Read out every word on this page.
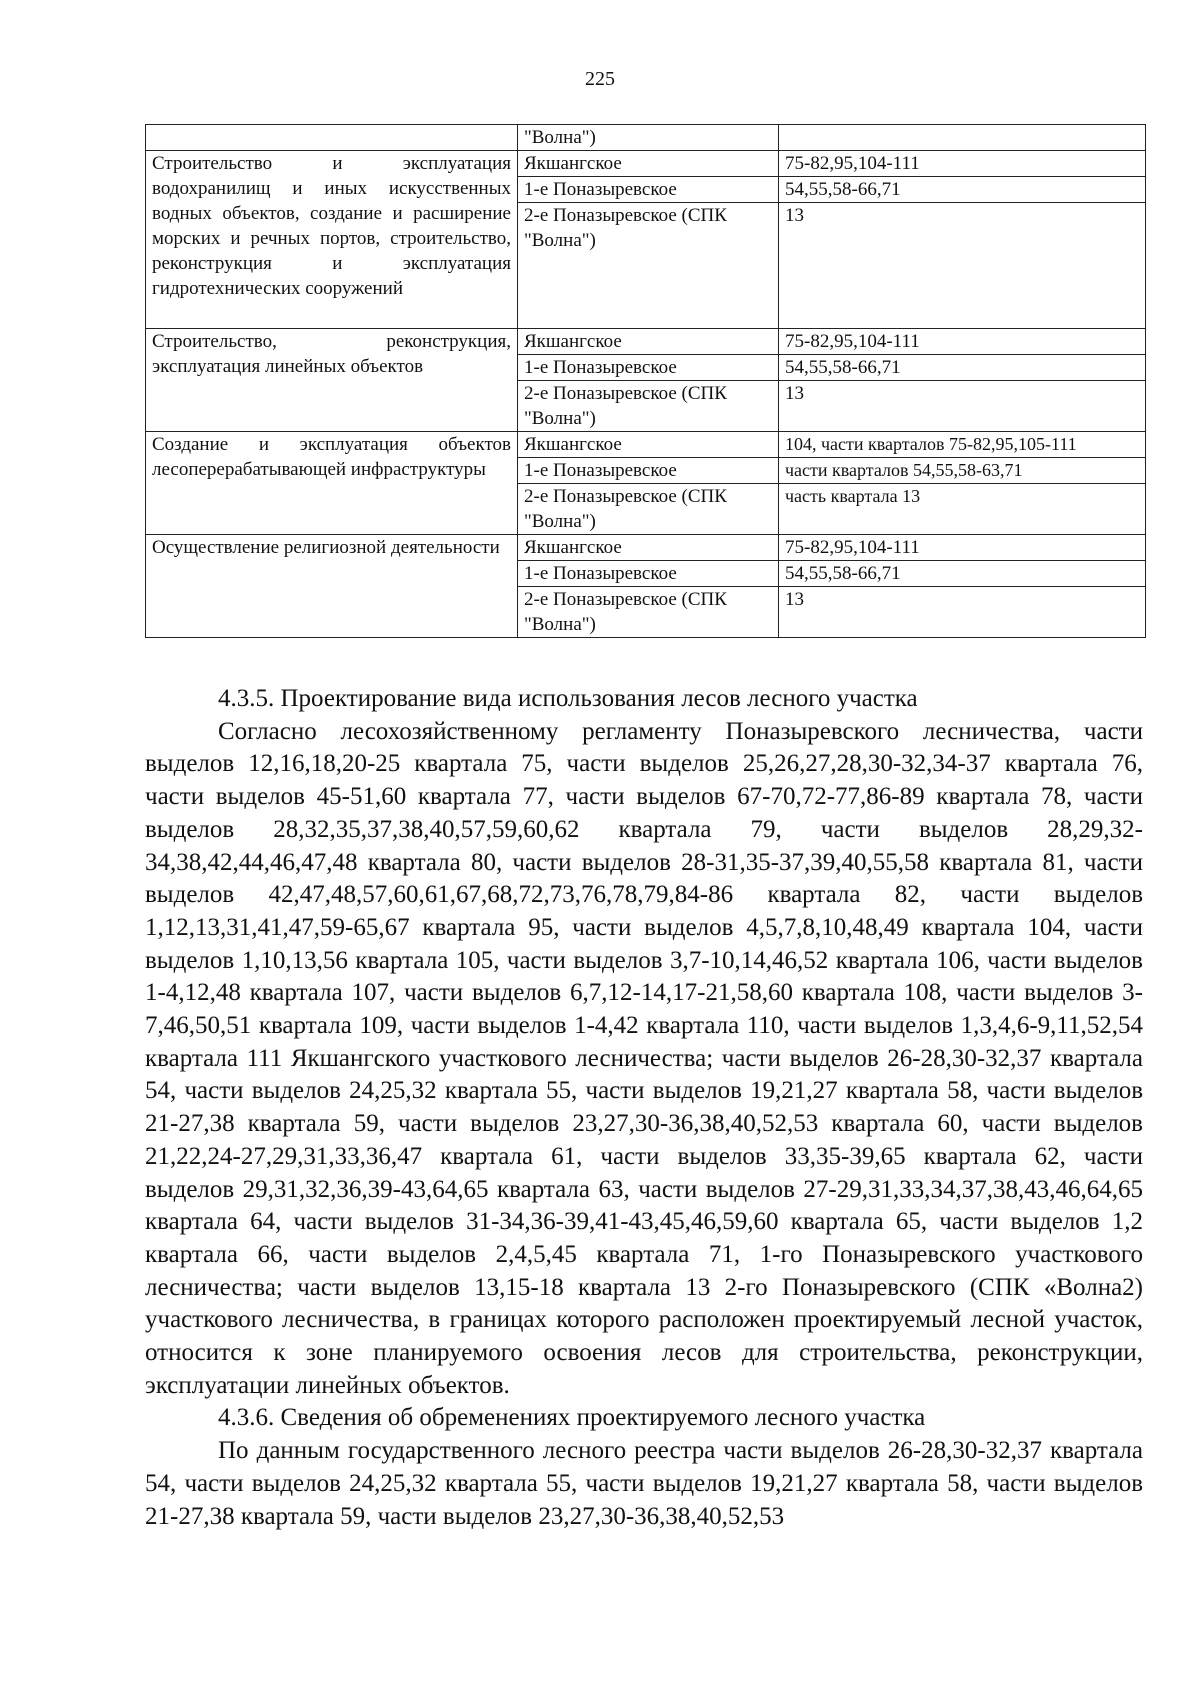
225
	"Волна")	
Строительство и эксплуатация водохранилищ и иных искусственных водных объектов, создание и расширение морских и речных портов, строительство, реконструкция и эксплуатация гидротехнических сооружений	Якшангское	75-82,95,104-111
	1-е Поназыревское	54,55,58-66,71
	2-е Поназыревское (СПК "Волна")	13
Строительство, реконструкция, эксплуатация линейных объектов	Якшангское	75-82,95,104-111
	1-е Поназыревское	54,55,58-66,71
	2-е Поназыревское (СПК "Волна")	13
Создание и эксплуатация объектов лесоперерабатывающей инфраструктуры	Якшангское	104, части кварталов 75-82,95,105-111
	1-е Поназыревское	части кварталов 54,55,58-63,71
	2-е Поназыревское (СПК "Волна")	часть квартала 13
Осуществление религиозной деятельности	Якшангское	75-82,95,104-111
	1-е Поназыревское	54,55,58-66,71
	2-е Поназыревское (СПК "Волна")	13

4.3.5. Проектирование вида использования лесов лесного участка

Согласно лесохозяйственному регламенту Поназыревского лесничества, части выделов 12,16,18,20-25 квартала 75, части выделов 25,26,27,28,30-32,34-37 квартала 76, части выделов 45-51,60 квартала 77, части выделов 67-70,72-77,86-89 квартала 78, части выделов 28,32,35,37,38,40,57,59,60,62 квартала 79, части выделов 28,29,32-34,38,42,44,46,47,48 квартала 80, части выделов 28-31,35-37,39,40,55,58 квартала 81, части выделов 42,47,48,57,60,61,67,68,72,73,76,78,79,84-86 квартала 82, части выделов 1,12,13,31,41,47,59-65,67 квартала 95, части выделов 4,5,7,8,10,48,49 квартала 104, части выделов 1,10,13,56 квартала 105, части выделов 3,7-10,14,46,52 квартала 106, части выделов 1-4,12,48 квартала 107, части выделов 6,7,12-14,17-21,58,60 квартала 108, части выделов 3-7,46,50,51 квартала 109, части выделов 1-4,42 квартала 110, части выделов 1,3,4,6-9,11,52,54 квартала 111 Якшангского участкового лесничества; части выделов 26-28,30-32,37 квартала 54, части выделов 24,25,32 квартала 55, части выделов 19,21,27 квартала 58, части выделов 21-27,38 квартала 59, части выделов 23,27,30-36,38,40,52,53 квартала 60, части выделов 21,22,24-27,29,31,33,36,47 квартала 61, части выделов 33,35-39,65 квартала 62, части выделов 29,31,32,36,39-43,64,65 квартала 63, части выделов 27-29,31,33,34,37,38,43,46,64,65 квартала 64, части выделов 31-34,36-39,41-43,45,46,59,60 квартала 65, части выделов 1,2 квартала 66, части выделов 2,4,5,45 квартала 71, 1-го Поназыревского участкового лесничества; части выделов 13,15-18 квартала 13 2-го Поназыревского (СПК «Волна2) участкового лесничества, в границах которого расположен проектируемый лесной участок, относится к зоне планируемого освоения лесов для строительства, реконструкции, эксплуатации линейных объектов.

4.3.6. Сведения об обременениях проектируемого лесного участка

По данным государственного лесного реестра части выделов 26-28,30-32,37 квартала 54, части выделов 24,25,32 квартала 55, части выделов 19,21,27 квартала 58, части выделов 21-27,38 квартала 59, части выделов 23,27,30-36,38,40,52,53
